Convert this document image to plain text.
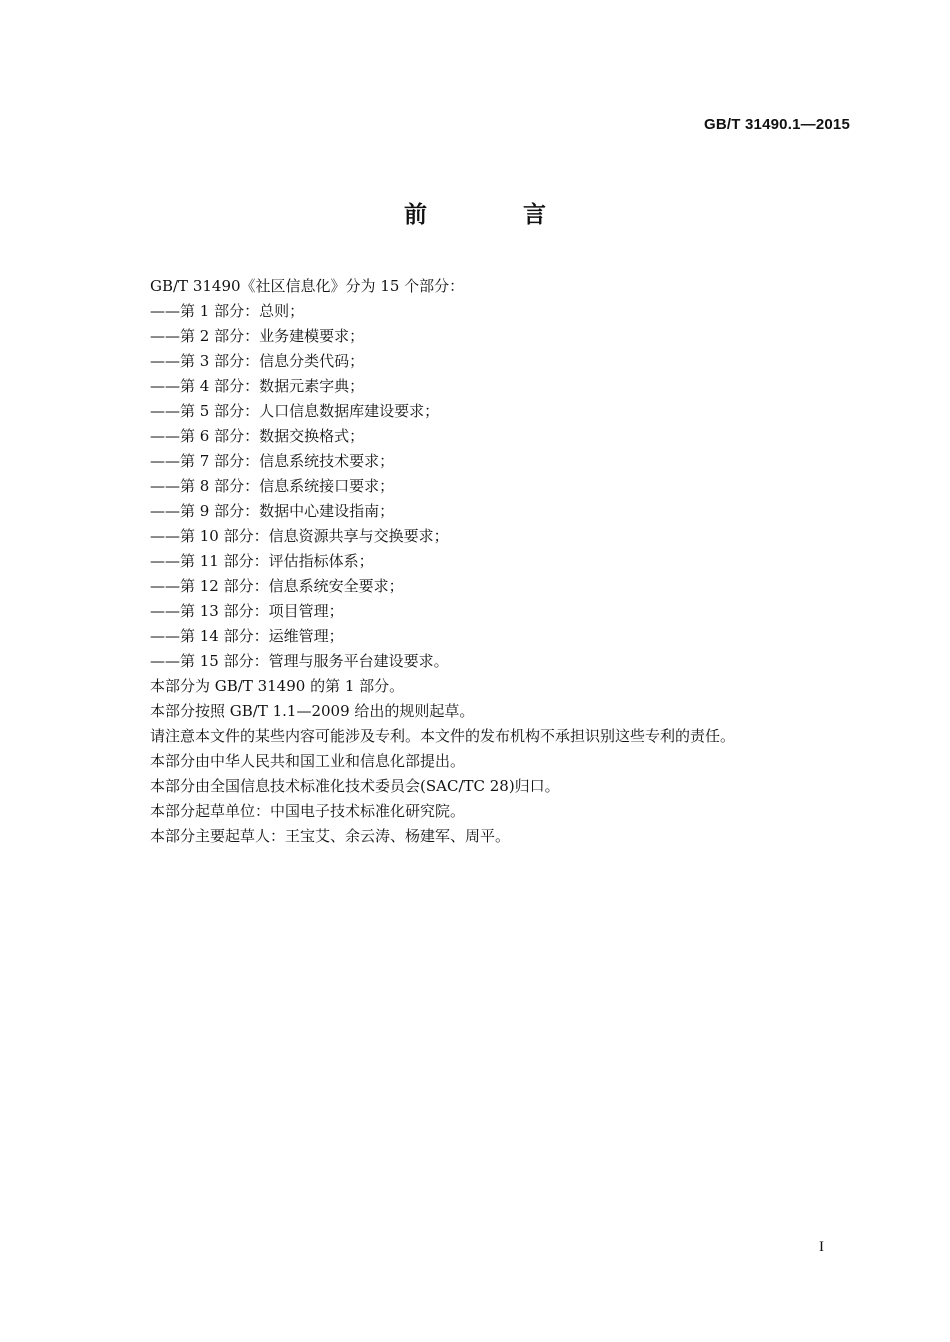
GB/T 31490.1—2015
前 言
GB/T 31490《社区信息化》分为 15 个部分：
——第 1 部分：总则；
——第 2 部分：业务建模要求；
——第 3 部分：信息分类代码；
——第 4 部分：数据元素字典；
——第 5 部分：人口信息数据库建设要求；
——第 6 部分：数据交换格式；
——第 7 部分：信息系统技术要求；
——第 8 部分：信息系统接口要求；
——第 9 部分：数据中心建设指南；
——第 10 部分：信息资源共享与交换要求；
——第 11 部分：评估指标体系；
——第 12 部分：信息系统安全要求；
——第 13 部分：项目管理；
——第 14 部分：运维管理；
——第 15 部分：管理与服务平台建设要求。
本部分为 GB/T 31490 的第 1 部分。
本部分按照 GB/T 1.1—2009 给出的规则起草。
请注意本文件的某些内容可能涉及专利。本文件的发布机构不承担识别这些专利的责任。
本部分由中华人民共和国工业和信息化部提出。
本部分由全国信息技术标准化技术委员会(SAC/TC 28)归口。
本部分起草单位：中国电子技术标准化研究院。
本部分主要起草人：王宝艾、余云涛、杨建军、周平。
I
